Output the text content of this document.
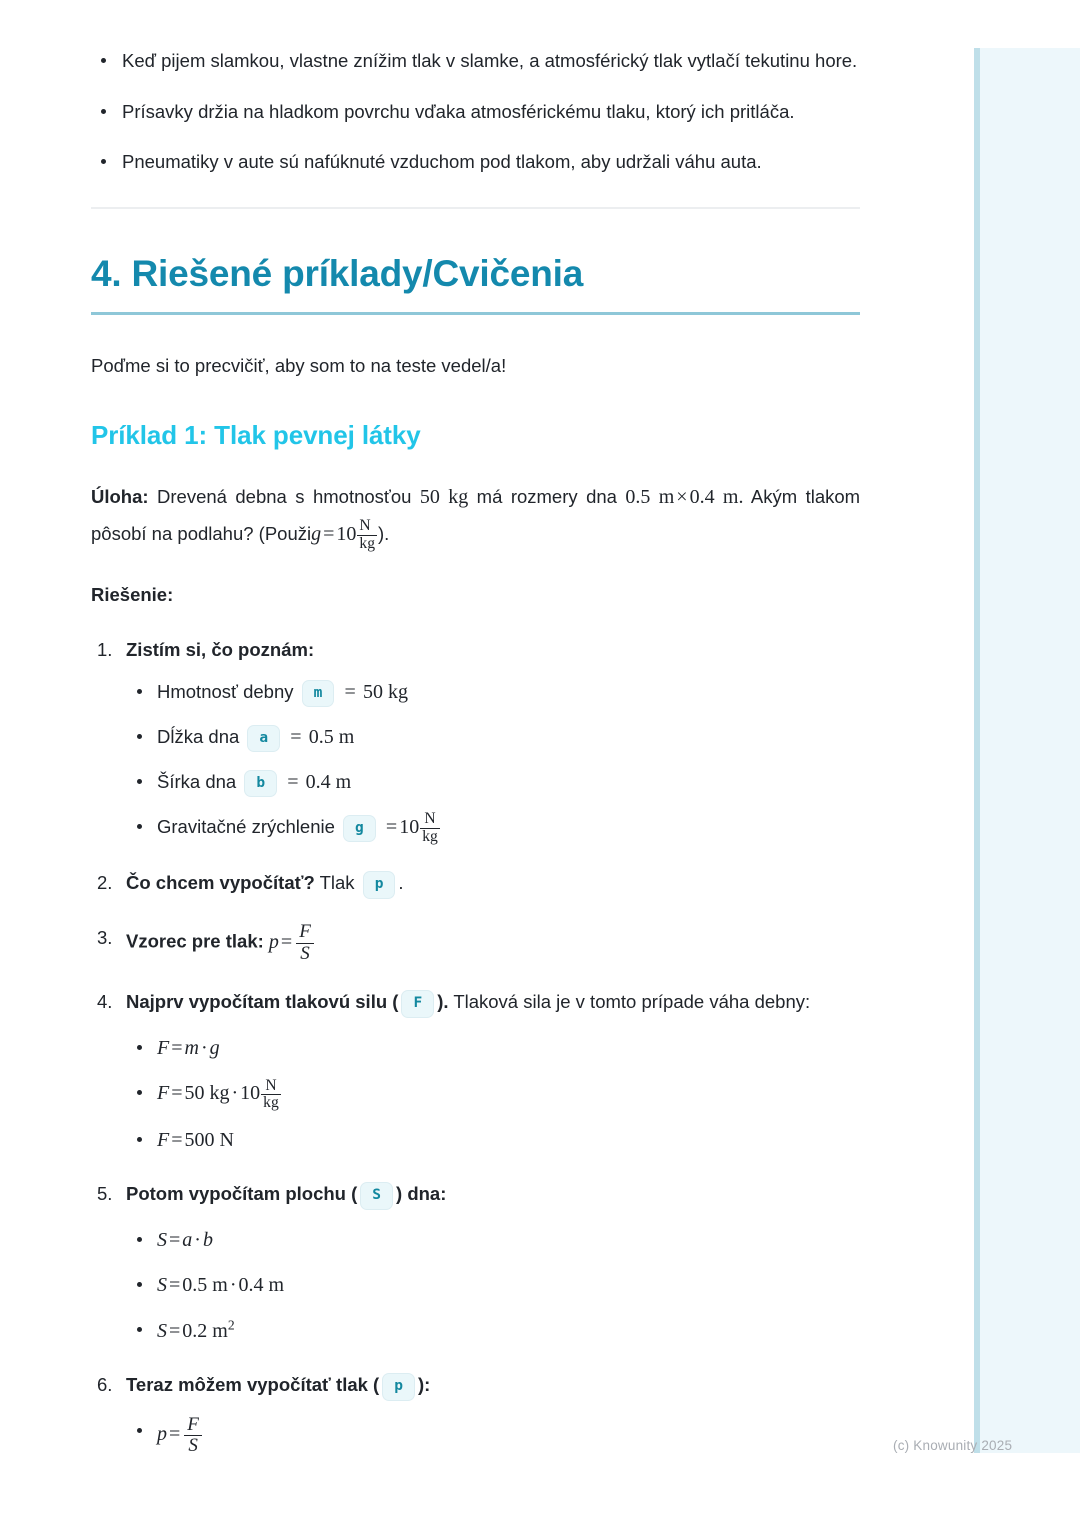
Keď pijem slamkou, vlastne znížim tlak v slamke, a atmosférický tlak vytlačí tekutinu hore.
Prísavky držia na hladkom povrchu vďaka atmosférickému tlaku, ktorý ich pritláča.
Pneumatiky v aute sú nafúknuté vzduchom pod tlakom, aby udržali váhu auta.
4. Riešené príklady/Cvičenia

Poďme si to precvičiť, aby som to na teste vedel/a!

Príklad 1: Tlak pevnej látky

Úloha: Drevená debna s hmotnosťou 50 kg má rozmery dna 0.5 m × 0.4 m. Akým tlakom pôsobí na podlahu? (Použig = $10 \frac{N}{kg}$ ).

Riešenie:

Zistím si, čo poznám:
Hmotnosť debny m = 50 kg
Dĺžka dna a = 0.5 m
Šírka dna b = 0.4 m
Gravitačné zrýchlenie $g = 10 \frac{N}{kg}$
Čo chcem vypočítať? Tlak p .
Vzorec pre tlak: $p = \frac{F}{S}$
Najprv vypočítam tlakovú silu ( F ). Tlaková sila je v tomto prípade váha debny:
F = m · g
F = 50 kg · $10 \frac{N}{kg}$
F = 500 N
Potom vypočítam plochu ( S ) dna:
S = a · b
S = 0.5 m · 0.4 m
S = 0.2 $m^2$
Teraz môžem vypočítať tlak ( p ):
$p = \frac{F}{S}$	(c) Knowunity 2025
